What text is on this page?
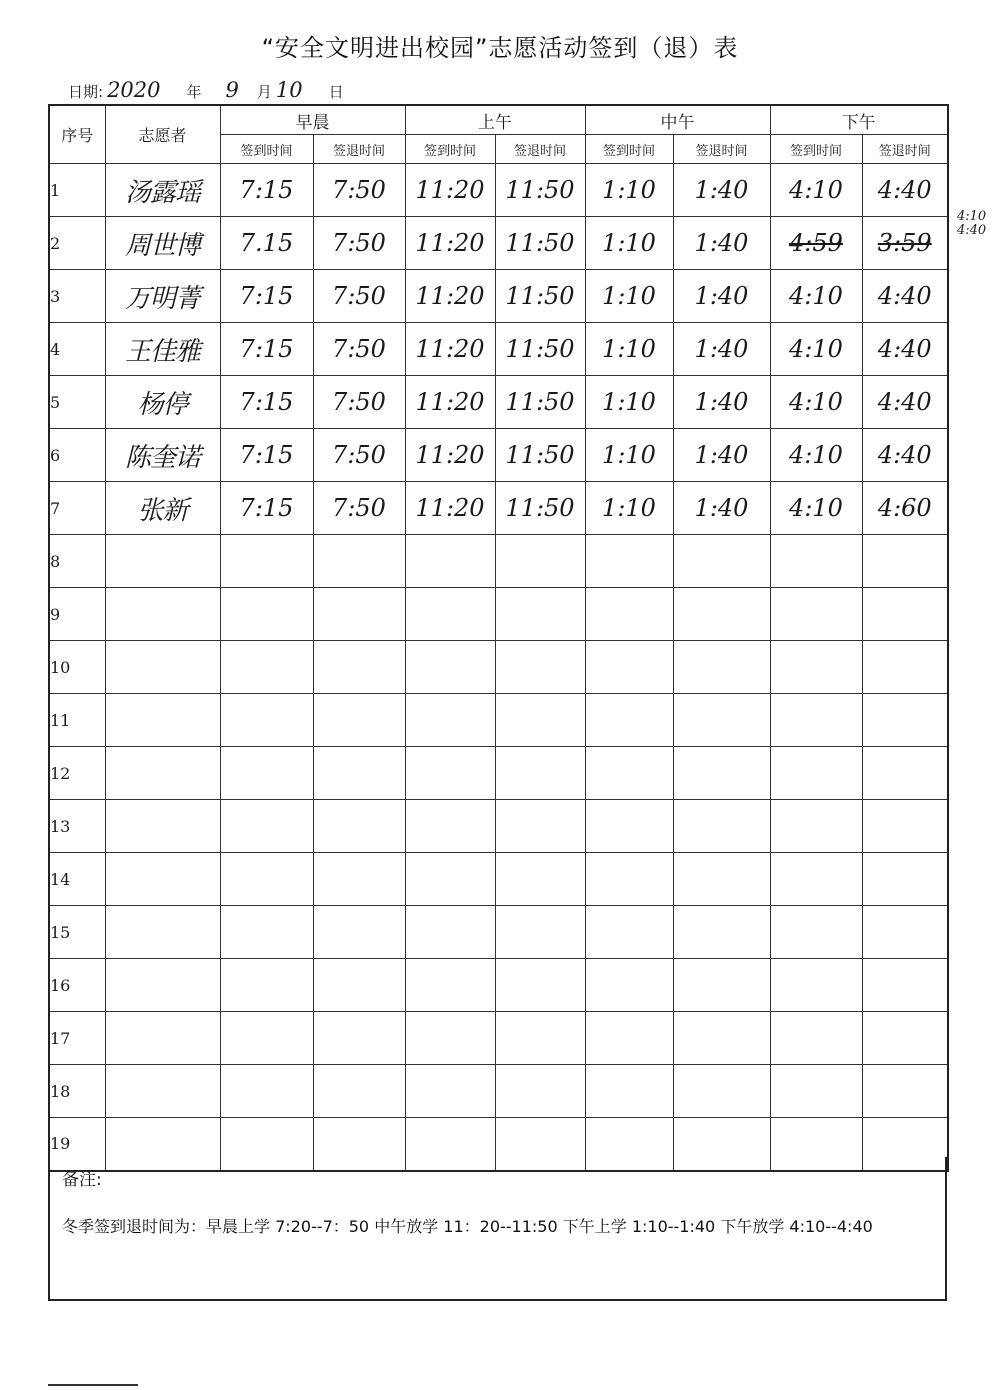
“安全文明进出校园”志愿活动签到（退）表
日期: 2020 年 9 月 10 日
序号	志愿者	早晨		上午		中午		下午	
		签到时间	签退时间	签到时间	签退时间	签到时间	签退时间	签到时间	签退时间
1	汤露瑶	7:15	7:50	11:20	11:50	1:10	1:40	4:10	4:40
2	周世博	7.15	7:50	11:20	11:50	1:10	1:40	4:59	3:59
3	万明菁	7:15	7:50	11:20	11:50	1:10	1:40	4:10	4:40
4	王佳雅	7:15	7:50	11:20	11:50	1:10	1:40	4:10	4:40
5	杨停	7:15	7:50	11:20	11:50	1:10	1:40	4:10	4:40
6	陈奎诺	7:15	7:50	11:20	11:50	1:10	1:40	4:10	4:40
7	张新	7:15	7:50	11:20	11:50	1:10	1:40	4:10	4:60
8									
9									
10									
11									
12									
13									
14									
15									
16									
17									
18									
19									
4:10 4:40
备注:
冬季签到退时间为：早晨上学 7:20--7：50 中午放学 11：20--11:50 下午上学 1:10--1:40 下午放学 4:10--4:40
